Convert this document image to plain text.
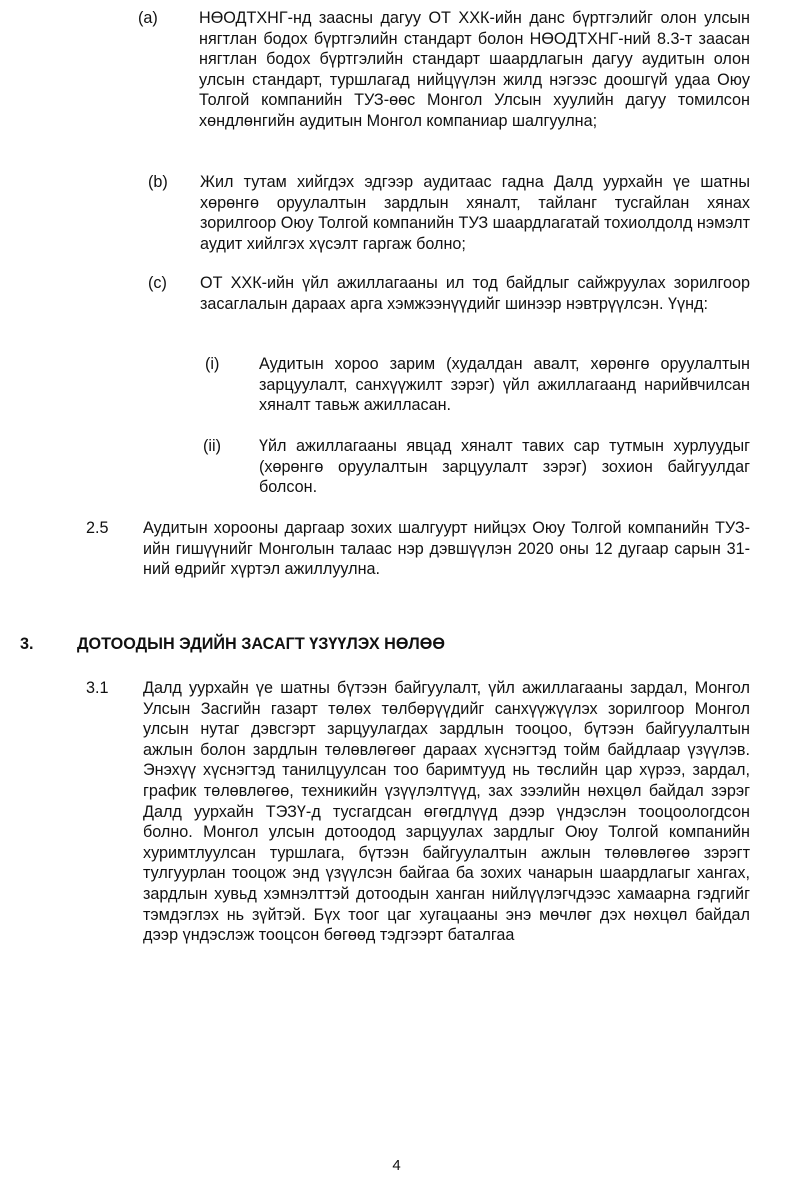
(a)	НӨОДТХНГ-нд заасны дагуу ОТ ХХК-ийн данс бүртгэлийг олон улсын нягтлан бодох бүртгэлийн стандарт болон НӨОДТХНГ-ний 8.3-т заасан нягтлан бодох бүртгэлийн стандарт шаардлагын дагуу аудитын олон улсын стандарт, туршлагад нийцүүлэн жилд нэгээс доошгүй удаа Оюу Толгой компанийн ТУЗ-өөс Монгол Улсын хуулийн дагуу томилсон хөндлөнгийн аудитын Монгол компаниар шалгуулна;

(b) Жил тутам хийгдэх эдгээр аудитаас гадна Далд уурхайн үе шатны хөрөнгө оруулалтын зардлын хяналт, тайланг тусгайлан хянах зорилгоор Оюу Толгой компанийн ТУЗ шаардлагатай тохиолдолд нэмэлт аудит хийлгэх хүсэлт гаргаж болно;

(c) ОТ ХХК-ийн үйл ажиллагааны ил тод байдлыг сайжруулах зорилгоор засаглалын дараах арга хэмжээнүүдийг шинээр нэвтрүүлсэн. Үүнд:

(i) Аудитын хороо зарим (худалдан авалт, хөрөнгө оруулалтын зарцуулалт, санхүүжилт зэрэг) үйл ажиллагаанд нарийвчилсан хяналт тавьж ажилласан.

(ii) Үйл ажиллагааны явцад хяналт тавих сар тутмын хурлуудыг (хөрөнгө оруулалтын зарцуулалт зэрэг) зохион байгуулдаг болсон.

2.5 Аудитын хорооны даргаар зохих шалгуурт нийцэх Оюу Толгой компанийн ТУЗ-ийн гишүүнийг Монголын талаас нэр дэвшүүлэн 2020 оны 12 дугаар сарын 31-ний өдрийг хүртэл ажиллуулна.

3.	ДОТООДЫН ЭДИЙН ЗАСАГТ ҮЗҮҮЛЭХ НӨЛӨӨ
3.1 Далд уурхайн үе шатны бүтээн байгуулалт, үйл ажиллагааны зардал, Монгол Улсын Засгийн газарт төлөх төлбөрүүдийг санхүүжүүлэх зорилгоор Монгол улсын нутаг дэвсгэрт зарцуулагдах зардлын тооцоо, бүтээн байгуулалтын ажлын болон зардлын төлөвлөгөөг дараах хүснэгтэд тойм байдлаар үзүүлэв. Энэхүү хүснэгтэд танилцуулсан тоо баримтууд нь төслийн цар хүрээ, зардал, график төлөвлөгөө, техникийн үзүүлэлтүүд, зах зээлийн нөхцөл байдал зэрэг Далд уурхайн ТЭЗҮ-д тусгагдсан өгөгдлүүд дээр үндэслэн тооцоологдсон болно. Монгол улсын дотоодод зарцуулах зардлыг Оюу Толгой компанийн хуримтлуулсан туршлага, бүтээн байгуулалтын ажлын төлөвлөгөө зэрэгт тулгуурлан тооцож энд үзүүлсэн байгаа ба зохих чанарын шаардлагыг хангах, зардлын хувьд хэмнэлттэй дотоодын ханган нийлүүлэгчдээс хамаарна гэдгийг тэмдэглэх нь зүйтэй. Бүх тоог цаг хугацааны энэ мөчлөг дэх нөхцөл байдал дээр үндэслэж тооцсон бөгөөд тэдгээрт баталгаа

4
